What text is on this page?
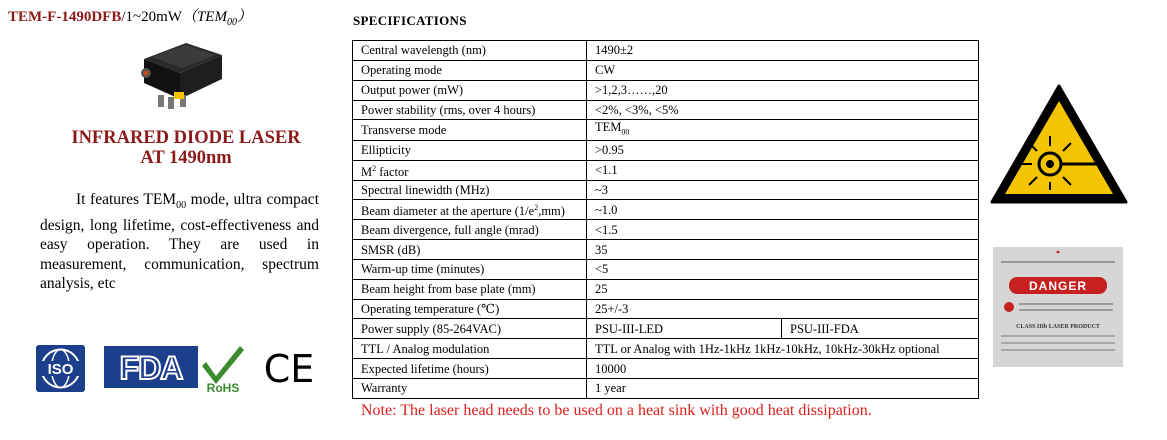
TEM-$F-1490DFB/1\sim 20mW(TEM_{00})$
INFRARED DIODE LASER
AT 1490nm
It features $TEM_{00}$ mode, ultra compact design, long lifetime, cost-effectiveness and easy operation. They are used in measurement, communication, spectrum analysis, etc
ISO FDA
RoHS CE
SPECIFICATIONS
Central wavelength (nm)	1490±2	
Operating mode	CW	
Output power (mW)	>1,2,3……,20	
Power stability (rms, over 4 hours)	<2%, <3%, <5%	
Transverse mode	$TEM_{00}$
Ellipticity	>0.95	
$M^2$ factor	<1.1	
Spectral linewidth (MHz)	~3	
Beam diameter at the aperture $(1/e^2,mm)$	~1.0	
Beam divergence, full angle (mrad)	<1.5	
SMSR (dB)	35	
Warm-up time (minutes)	<5	
Beam height from base plate (mm)	25	
Operating temperature (℃)	25+/-3	
Power supply (85-264VAC)	PSU-III-LED	PSU-III-FDA
TTL / Analog modulation	TTL or Analog with 1Hz-1kHz 1kHz-10kHz, 10kHz-30kHz optional	
Expected lifetime (hours)	10000	
Warranty	1 year	
Note: The laser head needs to be used on a heat sink with good heat dissipation.
DANGER
CLASS IIIb LASER PRODUCT
